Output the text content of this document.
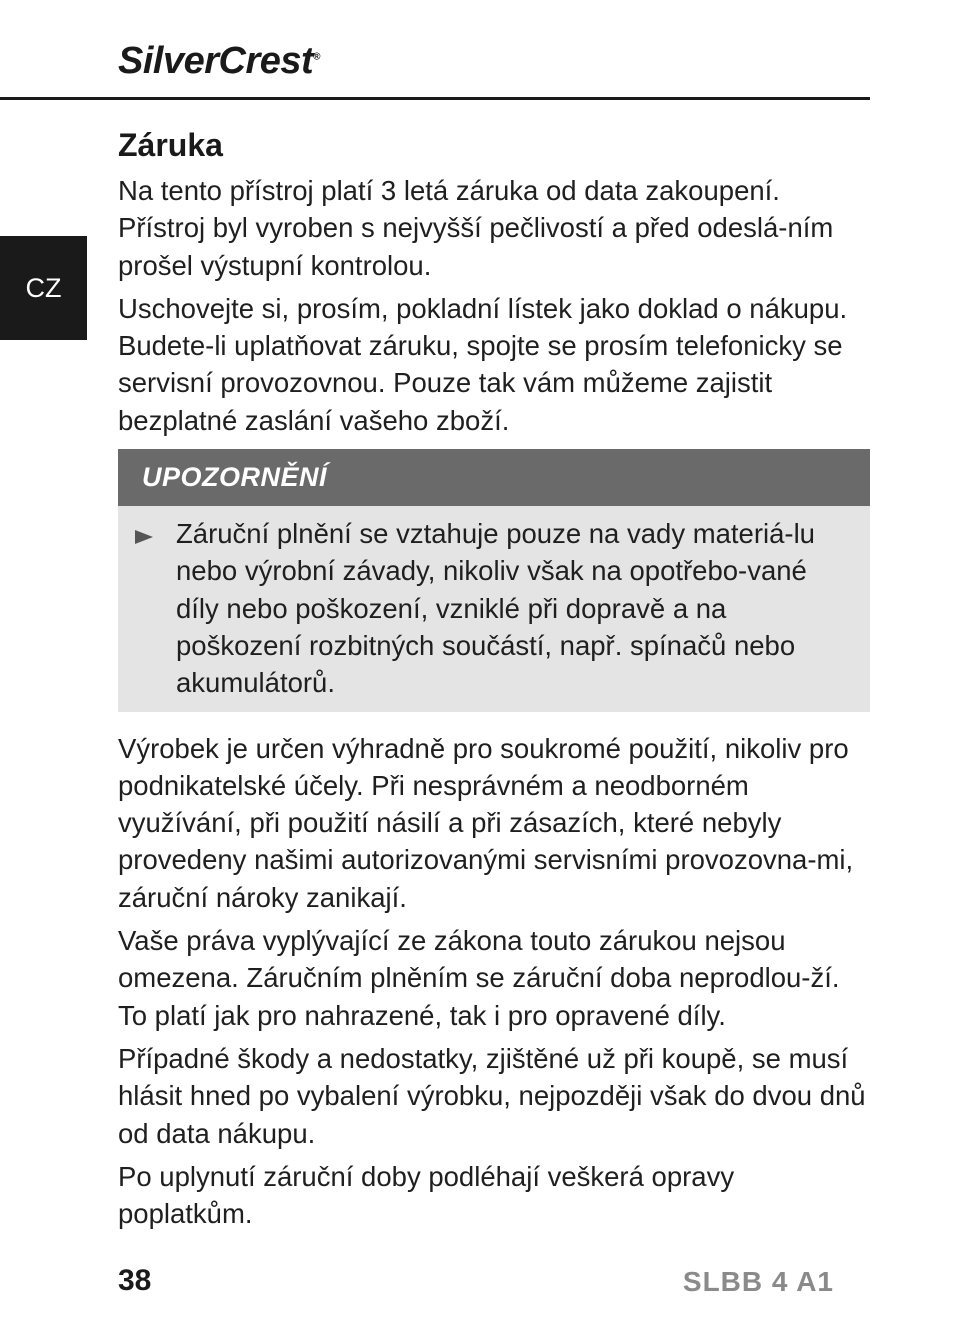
SilverCrest®
CZ
Záruka

Na tento přístroj platí 3 letá záruka od data zakoupení. Přístroj byl vyroben s nejvyšší pečlivostí a před odeslá-ním prošel výstupní kontrolou.

Uschovejte si, prosím, pokladní lístek jako doklad o nákupu. Budete-li uplatňovat záruku, spojte se prosím telefonicky se servisní provozovnou. Pouze tak vám můžeme zajistit bezplatné zaslání vašeho zboží.

UPOZORNĚNÍ

Záruční plnění se vztahuje pouze na vady materiá-lu nebo výrobní závady, nikoliv však na opotřebo-vané díly nebo poškození, vzniklé při dopravě a na poškození rozbitných součástí, např. spínačů nebo akumulátorů.

Výrobek je určen výhradně pro soukromé použití, nikoliv pro podnikatelské účely. Při nesprávném a neodborném využívání, při použití násilí a při zásazích, které nebyly provedeny našimi autorizovanými servisními provozovna-mi, záruční nároky zanikají.

Vaše práva vyplývající ze zákona touto zárukou nejsou omezena. Záručním plněním se záruční doba neprodlou-ží. To platí jak pro nahrazené, tak i pro opravené díly.

Případné škody a nedostatky, zjištěné už při koupě, se musí hlásit hned po vybalení výrobku, nejpozději však do dvou dnů od data nákupu.

Po uplynutí záruční doby podléhají veškerá opravy poplatkům.

38	SLBB 4 A1
